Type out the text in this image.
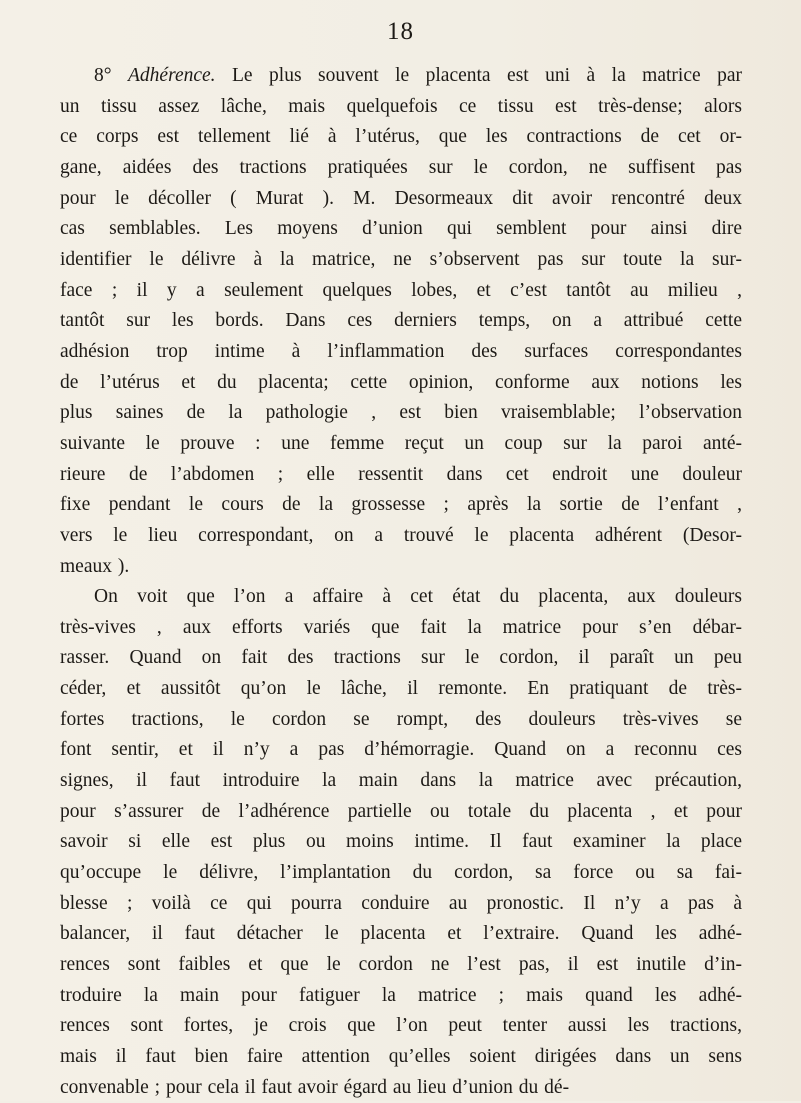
18
8° Adhérence. Le plus souvent le placenta est uni à la matrice par
un tissu assez lâche, mais quelquefois ce tissu est très-dense; alors
ce corps est tellement lié à l’utérus, que les contractions de cet or-
gane, aidées des tractions pratiquées sur le cordon, ne suffisent pas
pour le décoller ( Murat ). M. Desormeaux dit avoir rencontré deux
cas semblables. Les moyens d’union qui semblent pour ainsi dire
identifier le délivre à la matrice, ne s’observent pas sur toute la sur-
face ; il y a seulement quelques lobes, et c’est tantôt au milieu ,
tantôt sur les bords. Dans ces derniers temps, on a attribué cette
adhésion trop intime à l’inflammation des surfaces correspondantes
de l’utérus et du placenta; cette opinion, conforme aux notions les
plus saines de la pathologie , est bien vraisemblable; l’observation
suivante le prouve : une femme reçut un coup sur la paroi anté-
rieure de l’abdomen ; elle ressentit dans cet endroit une douleur
fixe pendant le cours de la grossesse ; après la sortie de l’enfant ,
vers le lieu correspondant, on a trouvé le placenta adhérent (Desor-
meaux ).
On voit que l’on a affaire à cet état du placenta, aux douleurs
très-vives , aux efforts variés que fait la matrice pour s’en débar-
rasser. Quand on fait des tractions sur le cordon, il paraît un peu
céder, et aussitôt qu’on le lâche, il remonte. En pratiquant de très-
fortes tractions, le cordon se rompt, des douleurs très-vives se
font sentir, et il n’y a pas d’hémorragie. Quand on a reconnu ces
signes, il faut introduire la main dans la matrice avec précaution,
pour s’assurer de l’adhérence partielle ou totale du placenta , et pour
savoir si elle est plus ou moins intime. Il faut examiner la place
qu’occupe le délivre, l’implantation du cordon, sa force ou sa fai-
blesse ; voilà ce qui pourra conduire au pronostic. Il n’y a pas à
balancer, il faut détacher le placenta et l’extraire. Quand les adhé-
rences sont faibles et que le cordon ne l’est pas, il est inutile d’in-
troduire la main pour fatiguer la matrice ; mais quand les adhé-
rences sont fortes, je crois que l’on peut tenter aussi les tractions,
mais il faut bien faire attention qu’elles soient dirigées dans un sens
convenable ; pour cela il faut avoir égard au lieu d’union du dé-
